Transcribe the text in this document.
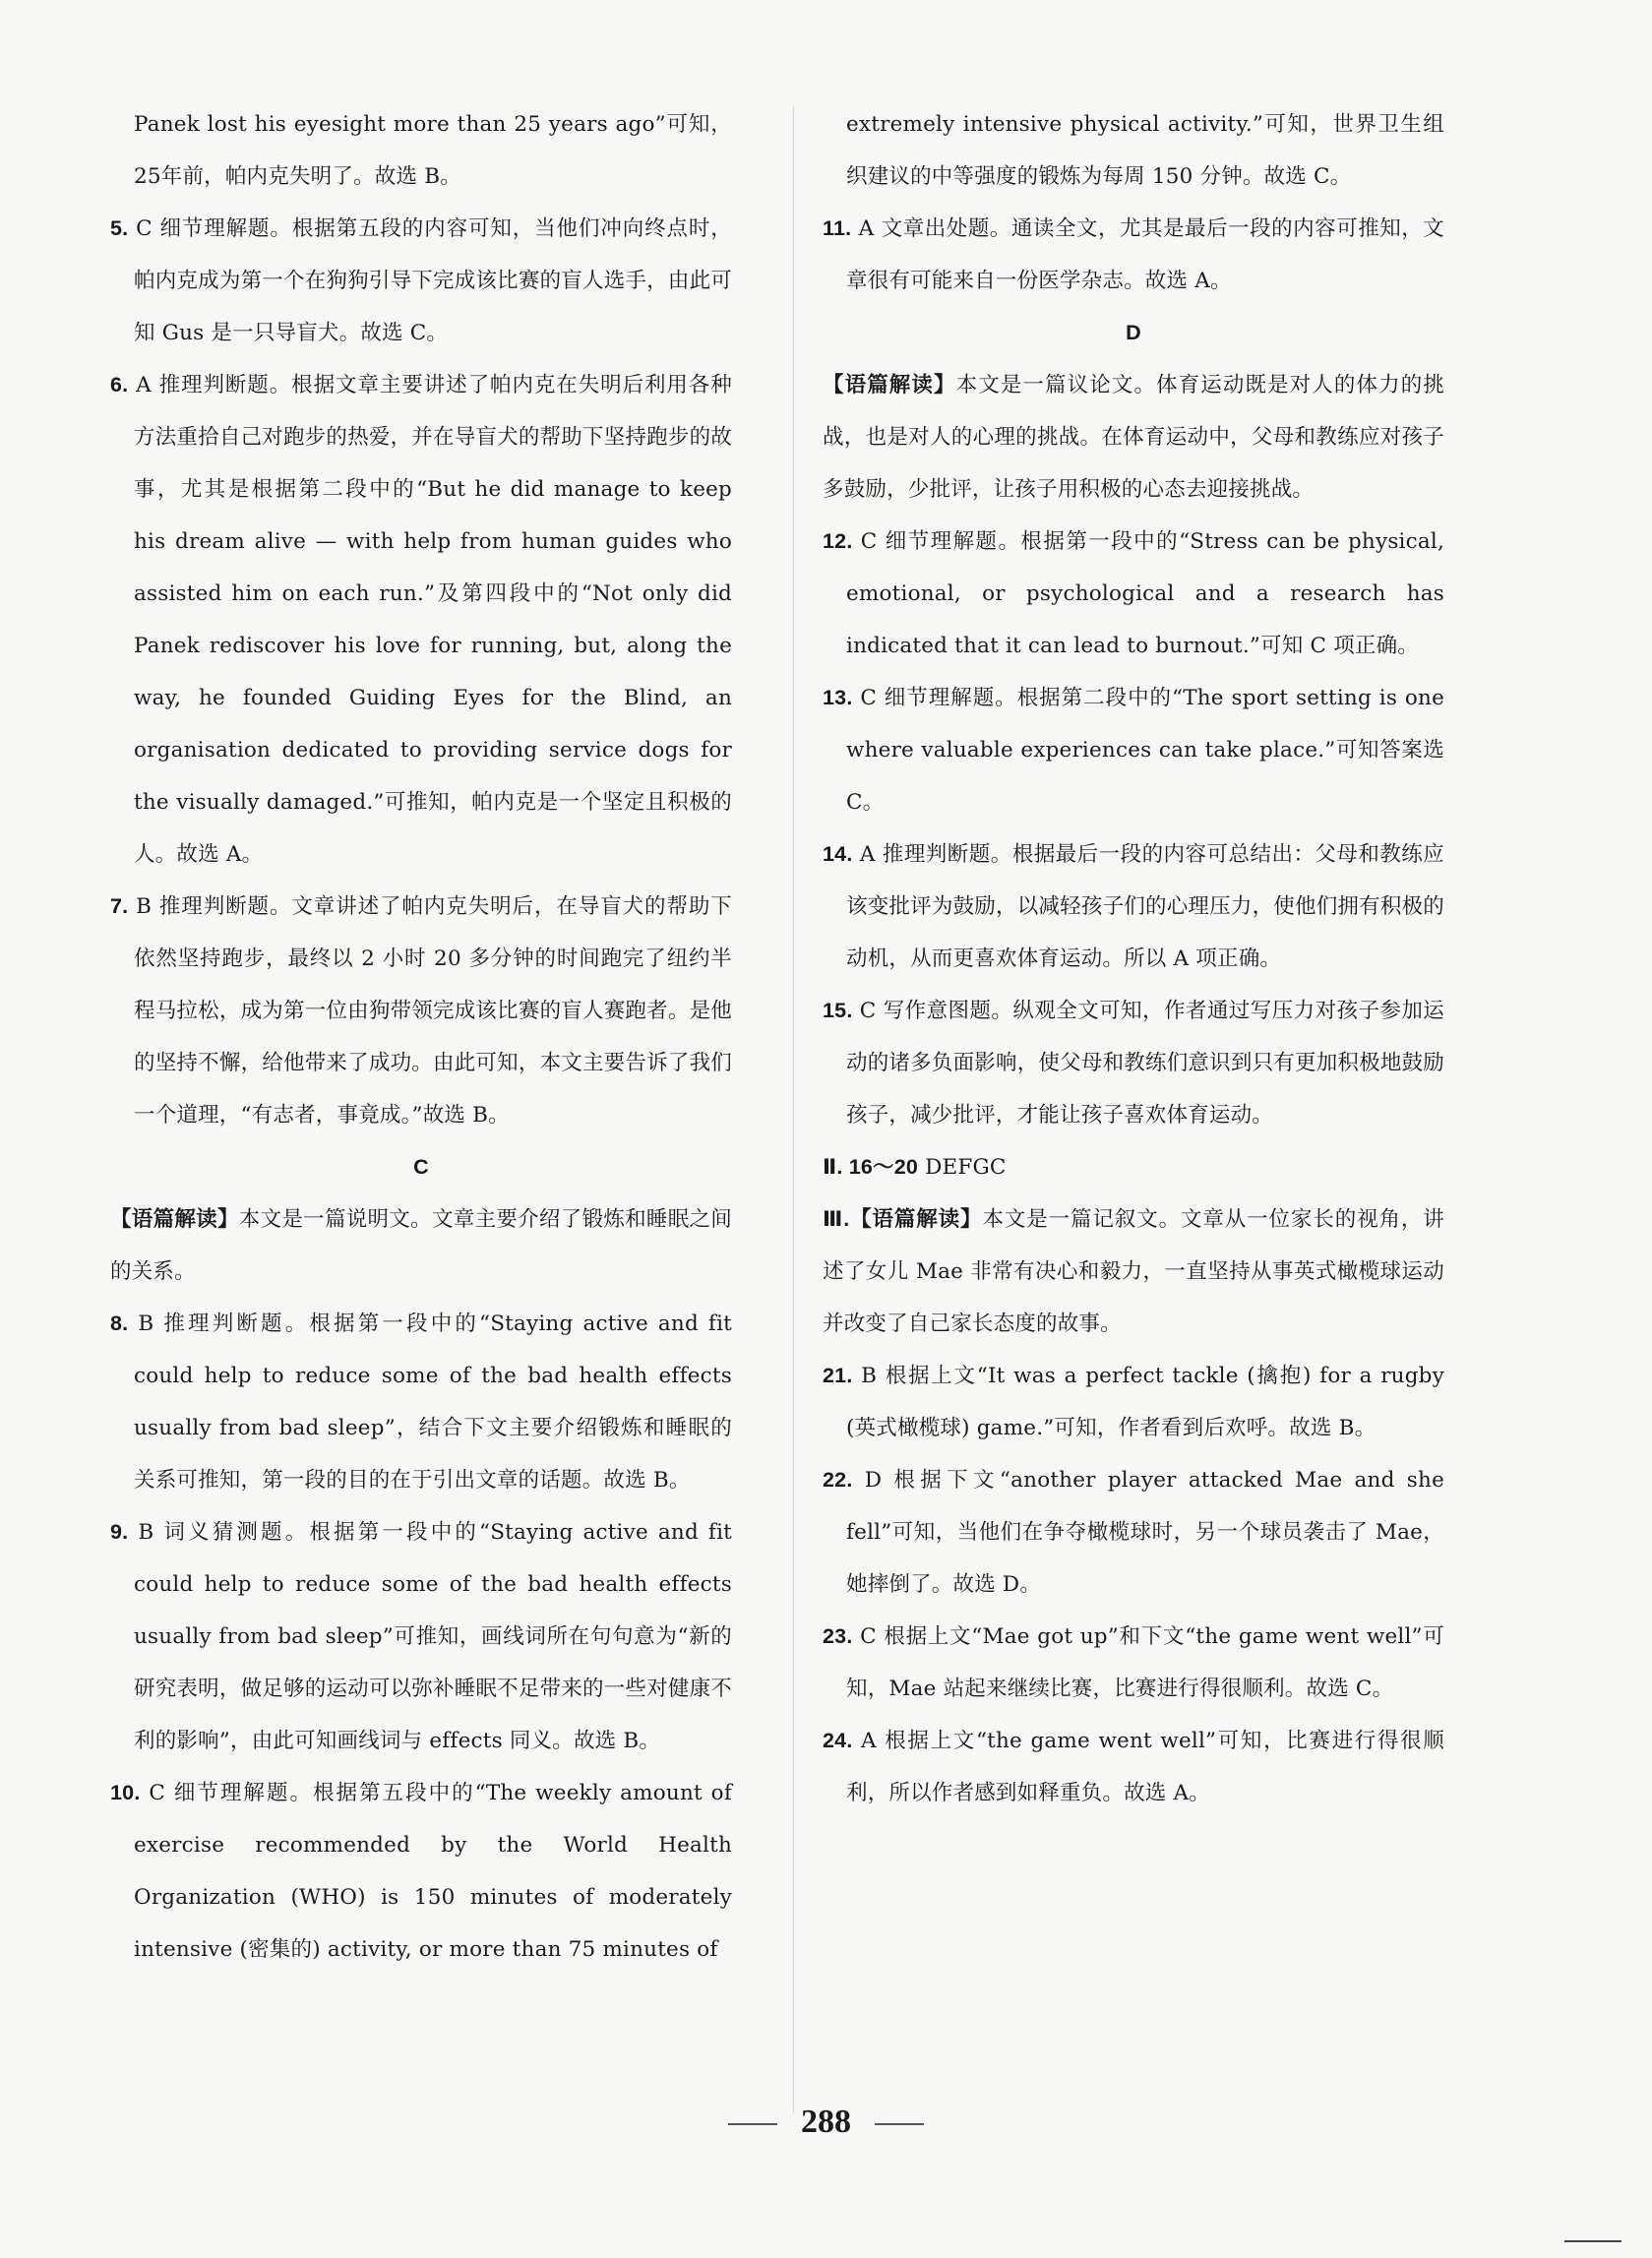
Panek lost his eyesight more than 25 years ago”可知，25年前，帕内克失明了。故选 B。

5. C 细节理解题。根据第五段的内容可知，当他们冲向终点时，帕内克成为第一个在狗狗引导下完成该比赛的盲人选手，由此可知 Gus 是一只导盲犬。故选 C。

6. A 推理判断题。根据文章主要讲述了帕内克在失明后利用各种方法重拾自己对跑步的热爱，并在导盲犬的帮助下坚持跑步的故事，尤其是根据第二段中的“But he did manage to keep his dream alive — with help from human guides who assisted him on each run.”及第四段中的“Not only did Panek rediscover his love for running, but, along the way, he founded Guiding Eyes for the Blind, an organisation dedicated to providing service dogs for the visually damaged.”可推知，帕内克是一个坚定且积极的人。故选 A。

7. B 推理判断题。文章讲述了帕内克失明后，在导盲犬的帮助下依然坚持跑步，最终以 2 小时 20 多分钟的时间跑完了纽约半程马拉松，成为第一位由狗带领完成该比赛的盲人赛跑者。是他的坚持不懈，给他带来了成功。由此可知，本文主要告诉了我们一个道理，“有志者，事竟成。”故选 B。

C

【语篇解读】本文是一篇说明文。文章主要介绍了锻炼和睡眠之间的关系。

8. B 推理判断题。根据第一段中的“Staying active and fit could help to reduce some of the bad health effects usually from bad sleep”，结合下文主要介绍锻炼和睡眠的关系可推知，第一段的目的在于引出文章的话题。故选 B。

9. B 词义猜测题。根据第一段中的“Staying active and fit could help to reduce some of the bad health effects usually from bad sleep”可推知，画线词所在句句意为“新的研究表明，做足够的运动可以弥补睡眠不足带来的一些对健康不利的影响”，由此可知画线词与 effects 同义。故选 B。

10. C 细节理解题。根据第五段中的“The weekly amount of exercise recommended by the World Health Organization (WHO) is 150 minutes of moderately intensive (密集的) activity, or more than 75 minutes of

extremely intensive physical activity.”可知，世界卫生组织建议的中等强度的锻炼为每周 150 分钟。故选 C。

11. A 文章出处题。通读全文，尤其是最后一段的内容可推知，文章很有可能来自一份医学杂志。故选 A。

D

【语篇解读】本文是一篇议论文。体育运动既是对人的体力的挑战，也是对人的心理的挑战。在体育运动中，父母和教练应对孩子多鼓励，少批评，让孩子用积极的心态去迎接挑战。

12. C 细节理解题。根据第一段中的“Stress can be physical, emotional, or psychological and a research has indicated that it can lead to burnout.”可知 C 项正确。

13. C 细节理解题。根据第二段中的“The sport setting is one where valuable experiences can take place.”可知答案选 C。

14. A 推理判断题。根据最后一段的内容可总结出：父母和教练应该变批评为鼓励，以减轻孩子们的心理压力，使他们拥有积极的动机，从而更喜欢体育运动。所以 A 项正确。

15. C 写作意图题。纵观全文可知，作者通过写压力对孩子参加运动的诸多负面影响，使父母和教练们意识到只有更加积极地鼓励孩子，减少批评，才能让孩子喜欢体育运动。

Ⅱ. 16～20 DEFGC

Ⅲ.【语篇解读】本文是一篇记叙文。文章从一位家长的视角，讲述了女儿 Mae 非常有决心和毅力，一直坚持从事英式橄榄球运动并改变了自己家长态度的故事。

21. B 根据上文“It was a perfect tackle (擒抱) for a rugby (英式橄榄球) game.”可知，作者看到后欢呼。故选 B。

22. D 根据下文“another player attacked Mae and she fell”可知，当他们在争夺橄榄球时，另一个球员袭击了 Mae，她摔倒了。故选 D。

23. C 根据上文“Mae got up”和下文“the game went well”可知，Mae 站起来继续比赛，比赛进行得很顺利。故选 C。

24. A 根据上文“the game went well”可知，比赛进行得很顺利，所以作者感到如释重负。故选 A。

288
